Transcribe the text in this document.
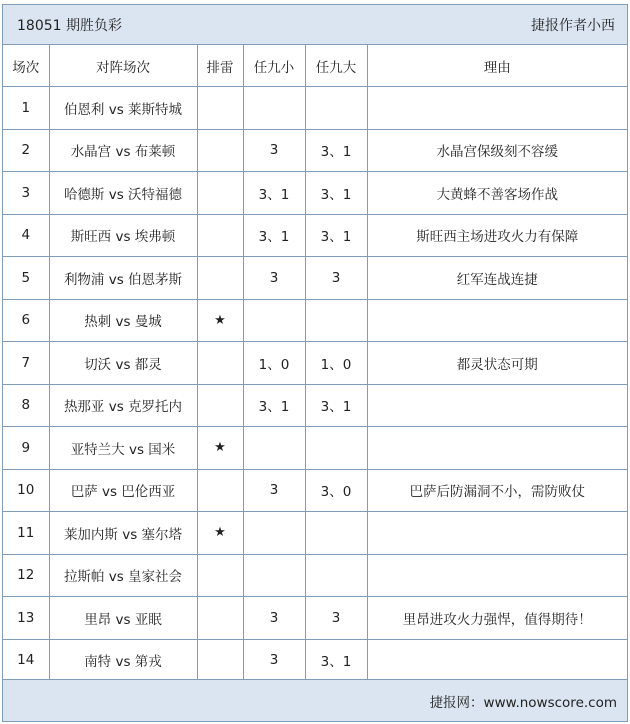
18051 期胜负彩	捷报作者小西
场次	对阵场次	排雷	任九小	任九大	理由
1	伯恩利 vs 莱斯特城				
2	水晶宫 vs 布莱顿		3	3、1	水晶宫保级刻不容缓
3	哈德斯 vs 沃特福德		3、1	3、1	大黄蜂不善客场作战
4	斯旺西 vs 埃弗顿		3、1	3、1	斯旺西主场进攻火力有保障
5	利物浦 vs 伯恩茅斯		3	3	红军连战连捷
6	热刺 vs 曼城	★			
7	切沃 vs 都灵		1、0	1、0	都灵状态可期
8	热那亚 vs 克罗托内		3、1	3、1	
9	亚特兰大 vs 国米	★			
10	巴萨 vs 巴伦西亚		3	3、0	巴萨后防漏洞不小，需防败仗
11	莱加内斯 vs 塞尔塔	★			
12	拉斯帕 vs 皇家社会				
13	里昂 vs 亚眠		3	3	里昂进攻火力强悍，值得期待！
14	南特 vs 第戎		3	3、1	
捷报网：www.nowscore.com
